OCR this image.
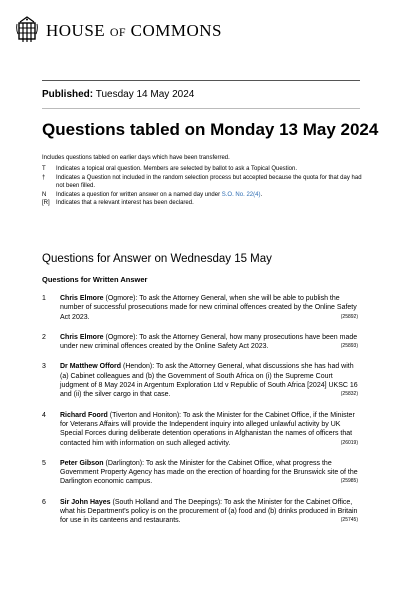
HOUSE OF COMMONS
Published: Tuesday 14 May 2024
Questions tabled on Monday 13 May 2024
Includes questions tabled on earlier days which have been transferred.
T	Indicates a topical oral question. Members are selected by ballot to ask a Topical Question.
†	Indicates a Question not included in the random selection process but accepted because the quota for that day had not been filled.
N	Indicates a question for written answer on a named day under S.O. No. 22(4).
[R]	Indicates that a relevant interest has been declared.
Questions for Answer on Wednesday 15 May
Questions for Written Answer
1	Chris Elmore (Ogmore): To ask the Attorney General, when she will be able to publish the number of successful prosecutions made for new criminal offences created by the Online Safety Act 2023.	(25892)
2	Chris Elmore (Ogmore): To ask the Attorney General, how many prosecutions have been made under new criminal offences created by the Online Safety Act 2023.	(25893)
3	Dr Matthew Offord (Hendon): To ask the Attorney General, what discussions she has had with (a) Cabinet colleagues and (b) the Government of South Africa on (i) the Supreme Court judgment of 8 May 2024 in Argentum Exploration Ltd v Republic of South Africa [2024] UKSC 16 and (ii) the silver cargo in that case.	(25832)
4	Richard Foord (Tiverton and Honiton): To ask the Minister for the Cabinet Office, if the Minister for Veterans Affairs will provide the Independent inquiry into alleged unlawful activity by UK Special Forces during deliberate detention operations in Afghanistan the names of officers that contacted him with information on such alleged activity.	(26019)
5	Peter Gibson (Darlington): To ask the Minister for the Cabinet Office, what progress the Government Property Agency has made on the erection of hoarding for the Brunswick site of the Darlington economic campus.	(25985)
6	Sir John Hayes (South Holland and The Deepings): To ask the Minister for the Cabinet Office, what his Department's policy is on the procurement of (a) food and (b) drinks produced in Britain for use in its canteens and restaurants.	(25745)
